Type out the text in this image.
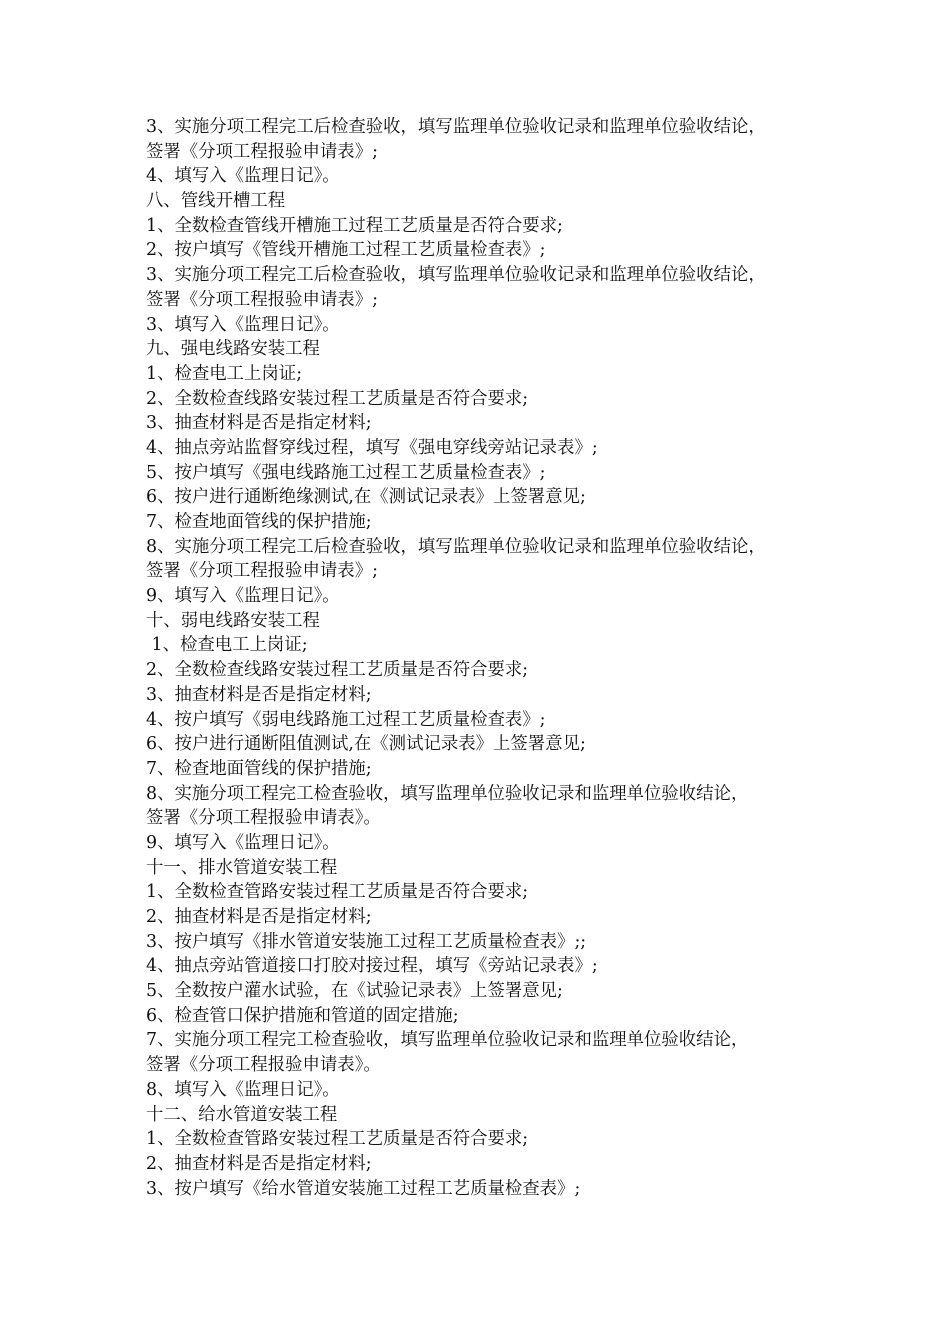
3、实施分项工程完工后检查验收，填写监理单位验收记录和监理单位验收结论，
签署《分项工程报验申请表》;
4、填写入《监理日记》。
八、管线开槽工程
1、全数检查管线开槽施工过程工艺质量是否符合要求;
2、按户填写《管线开槽施工过程工艺质量检查表》;
3、实施分项工程完工后检查验收，填写监理单位验收记录和监理单位验收结论，
签署《分项工程报验申请表》;
3、填写入《监理日记》。
九、强电线路安装工程
1、检查电工上岗证;
2、全数检查线路安装过程工艺质量是否符合要求;
3、抽查材料是否是指定材料;
4、抽点旁站监督穿线过程，填写《强电穿线旁站记录表》;
5、按户填写《强电线路施工过程工艺质量检查表》;
6、按户进行通断绝缘测试,在《测试记录表》上签署意见;
7、检查地面管线的保护措施;
8、实施分项工程完工后检查验收，填写监理单位验收记录和监理单位验收结论，
签署《分项工程报验申请表》;
9、填写入《监理日记》。
十、弱电线路安装工程
1、检查电工上岗证;
2、全数检查线路安装过程工艺质量是否符合要求;
3、抽查材料是否是指定材料;
4、按户填写《弱电线路施工过程工艺质量检查表》;
6、按户进行通断阻值测试,在《测试记录表》上签署意见;
7、检查地面管线的保护措施;
8、实施分项工程完工检查验收，填写监理单位验收记录和监理单位验收结论，
签署《分项工程报验申请表》。
9、填写入《监理日记》。
十一、排水管道安装工程
1、全数检查管路安装过程工艺质量是否符合要求;
2、抽查材料是否是指定材料;
3、按户填写《排水管道安装施工过程工艺质量检查表》;;
4、抽点旁站管道接口打胶对接过程，填写《旁站记录表》;
5、全数按户灌水试验，在《试验记录表》上签署意见;
6、检查管口保护措施和管道的固定措施;
7、实施分项工程完工检查验收，填写监理单位验收记录和监理单位验收结论，
签署《分项工程报验申请表》。
8、填写入《监理日记》。
十二、给水管道安装工程
1、全数检查管路安装过程工艺质量是否符合要求;
2、抽查材料是否是指定材料;
3、按户填写《给水管道安装施工过程工艺质量检查表》;
